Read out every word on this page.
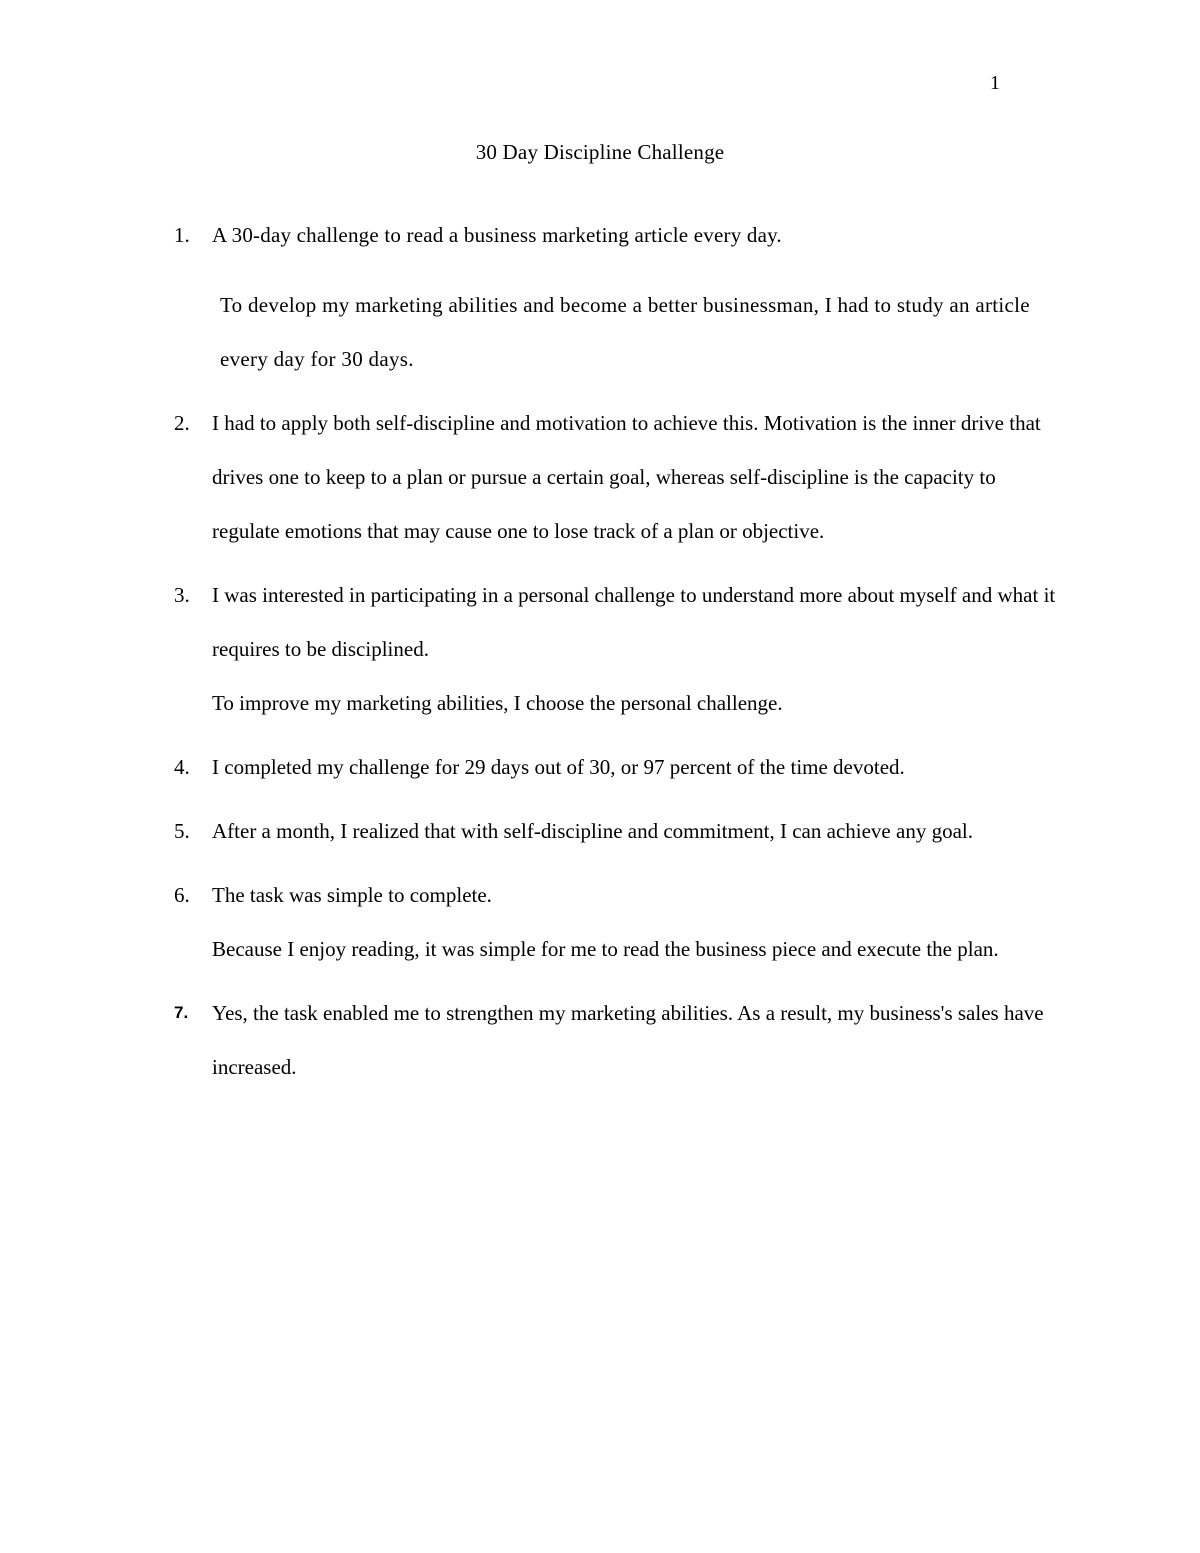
1
30 Day Discipline Challenge
1.	A 30-day challenge to read a business marketing article every day.

To develop my marketing abilities and become a better businessman, I had to study an article every day for 30 days.

2.	I had to apply both self-discipline and motivation to achieve this. Motivation is the inner drive that drives one to keep to a plan or pursue a certain goal, whereas self-discipline is the capacity to regulate emotions that may cause one to lose track of a plan or objective.

3.	I was interested in participating in a personal challenge to understand more about myself and what it requires to be disciplined.

To improve my marketing abilities, I choose the personal challenge.

4.	I completed my challenge for 29 days out of 30, or 97 percent of the time devoted.

5.	After a month, I realized that with self-discipline and commitment, I can achieve any goal.

6.	The task was simple to complete.

Because I enjoy reading, it was simple for me to read the business piece and execute the plan.

7.	Yes, the task enabled me to strengthen my marketing abilities. As a result, my business's sales have increased.
